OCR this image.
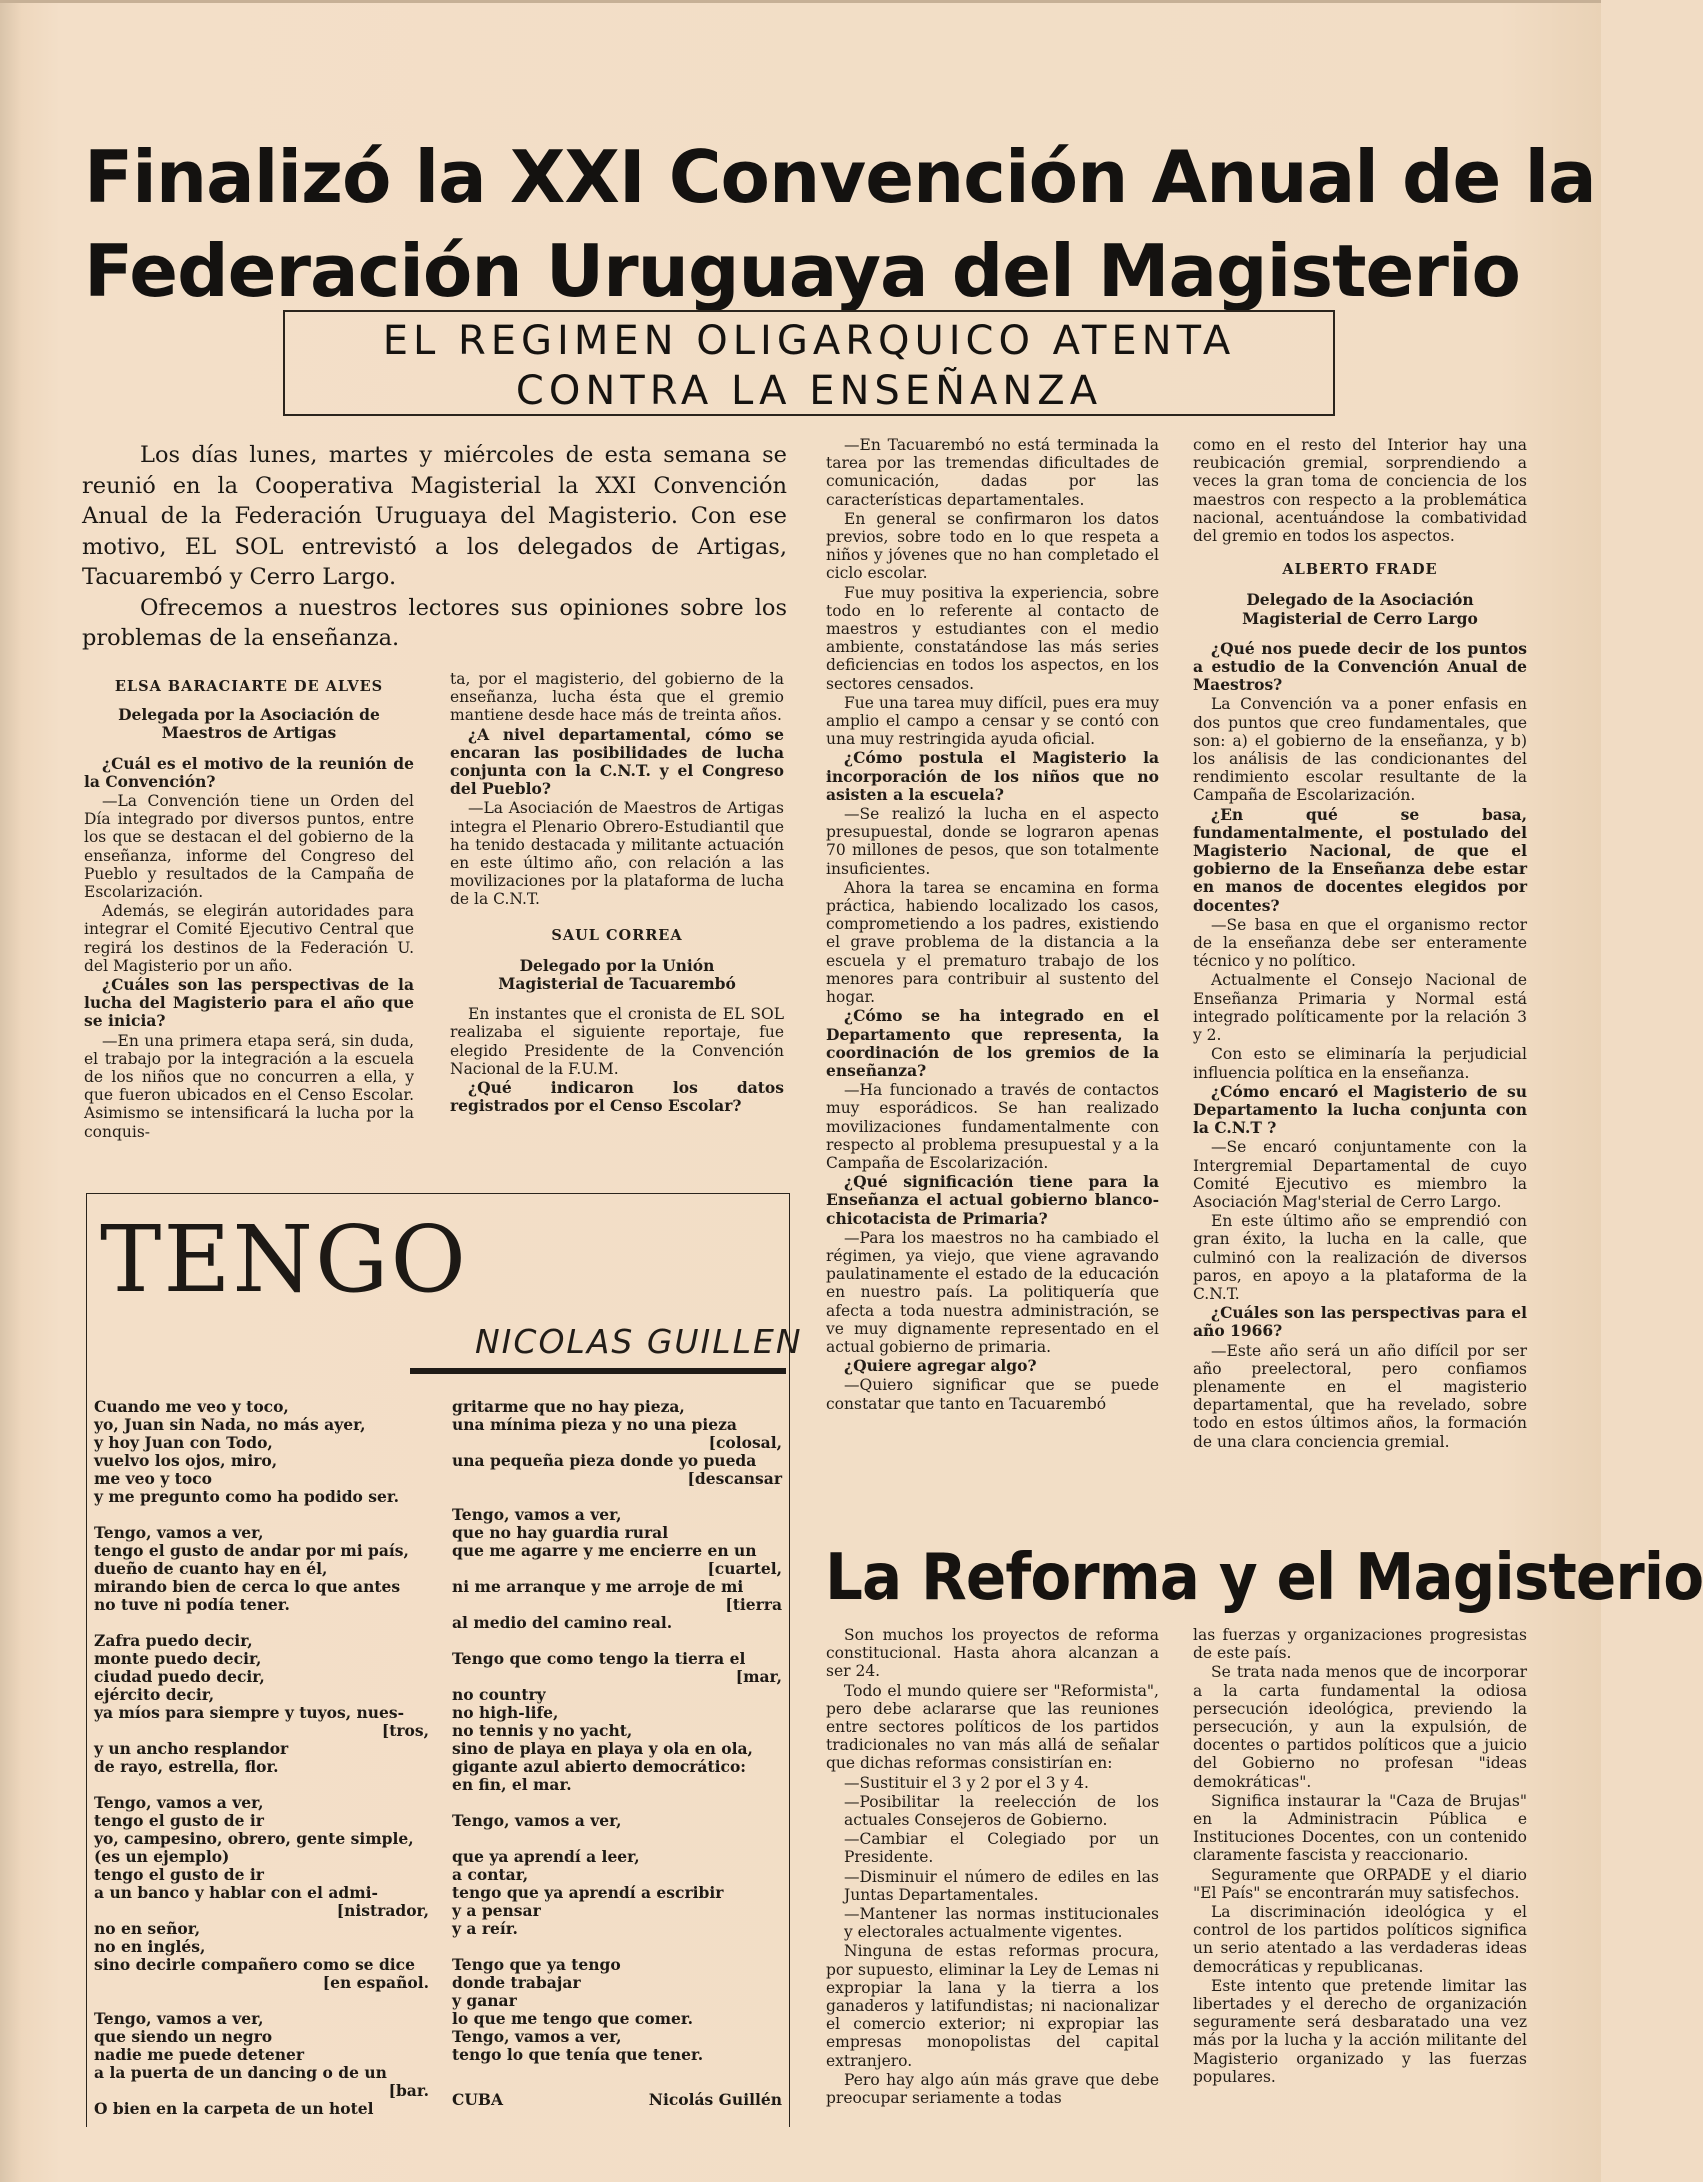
Finalizó la XXI Convención Anual de la
Federación Uruguaya del Magisterio
EL REGIMEN OLIGARQUICO ATENTA
CONTRA LA ENSEÑANZA

Los días lunes, martes y miércoles de esta semana se reunió en la Cooperativa Magisterial la XXI Convención Anual de la Federación Uruguaya del Magisterio. Con ese motivo, EL SOL entrevistó a los delegados de Artigas, Tacuarembó y Cerro Largo.

Ofrecemos a nuestros lectores sus opiniones sobre los problemas de la enseñanza.

ELSA BARACIARTE DE ALVES
Delegada por la Asociación de Maestros de Artigas

¿Cuál es el motivo de la reunión de la Convención?

—La Convención tiene un Orden del Día integrado por diversos puntos, entre los que se destacan el del gobierno de la enseñanza, informe del Congreso del Pueblo y resultados de la Campaña de Escolarización.

Además, se elegirán autoridades para integrar el Comité Ejecutivo Central que regirá los destinos de la Federación U. del Magisterio por un año.

¿Cuáles son las perspectivas de la lucha del Magisterio para el año que se inicia?

—En una primera etapa será, sin duda, el trabajo por la integración a la escuela de los niños que no concurren a ella, y que fueron ubicados en el Censo Escolar. Asimismo se intensificará la lucha por la conquis-

ta, por el magisterio, del gobierno de la enseñanza, lucha ésta que el gremio mantiene desde hace más de treinta años.

¿A nivel departamental, cómo se encaran las posibilidades de lucha conjunta con la C.N.T. y el Congreso del Pueblo?

—La Asociación de Maestros de Artigas integra el Plenario Obrero-Estudiantil que ha tenido destacada y militante actuación en este último año, con relación a las movilizaciones por la plataforma de lucha de la C.N.T.

SAUL CORREA
Delegado por la Unión Magisterial de Tacuarembó

En instantes que el cronista de EL SOL realizaba el siguiente reportaje, fue elegido Presidente de la Convención Nacional de la F.U.M.

¿Qué indicaron los datos registrados por el Censo Escolar?

—En Tacuarembó no está terminada la tarea por las tremendas dificultades de comunicación, dadas por las características departamentales.

En general se confirmaron los datos previos, sobre todo en lo que respeta a niños y jóvenes que no han completado el ciclo escolar.

Fue muy positiva la experiencia, sobre todo en lo referente al contacto de maestros y estudiantes con el medio ambiente, constatándose las más series deficiencias en todos los aspectos, en los sectores censados.

Fue una tarea muy difícil, pues era muy amplio el campo a censar y se contó con una muy restringida ayuda oficial.

¿Cómo postula el Magisterio la incorporación de los niños que no asisten a la escuela?

—Se realizó la lucha en el aspecto presupuestal, donde se lograron apenas 70 millones de pesos, que son totalmente insuficientes.

Ahora la tarea se encamina en forma práctica, habiendo localizado los casos, comprometiendo a los padres, existiendo el grave problema de la distancia a la escuela y el prematuro trabajo de los menores para contribuir al sustento del hogar.

¿Cómo se ha integrado en el Departamento que representa, la coordinación de los gremios de la enseñanza?

—Ha funcionado a través de contactos muy esporádicos. Se han realizado movilizaciones fundamentalmente con respecto al problema presupuestal y a la Campaña de Escolarización.

¿Qué significación tiene para la Enseñanza el actual gobierno blanco-chicotacista de Primaria?

—Para los maestros no ha cambiado el régimen, ya viejo, que viene agravando paulatinamente el estado de la educación en nuestro país. La politiquería que afecta a toda nuestra administración, se ve muy dignamente representado en el actual gobierno de primaria.

¿Quiere agregar algo?

—Quiero significar que se puede constatar que tanto en Tacuarembó

como en el resto del Interior hay una reubicación gremial, sorprendiendo a veces la gran toma de conciencia de los maestros con respecto a la problemática nacional, acentuándose la combatividad del gremio en todos los aspectos.

ALBERTO FRADE
Delegado de la Asociación Magisterial de Cerro Largo

¿Qué nos puede decir de los puntos a estudio de la Convención Anual de Maestros?

La Convención va a poner enfasis en dos puntos que creo fundamentales, que son: a) el gobierno de la enseñanza, y b) los análisis de las condicionantes del rendimiento escolar resultante de la Campaña de Escolarización.

¿En qué se basa, fundamentalmente, el postulado del Magisterio Nacional, de que el gobierno de la Enseñanza debe estar en manos de docentes elegidos por docentes?

—Se basa en que el organismo rector de la enseñanza debe ser enteramente técnico y no político.

Actualmente el Consejo Nacional de Enseñanza Primaria y Normal está integrado políticamente por la relación 3 y 2.

Con esto se eliminaría la perjudicial influencia política en la enseñanza.

¿Cómo encaró el Magisterio de su Departamento la lucha conjunta con la C.N.T ?

—Se encaró conjuntamente con la Intergremial Departamental de cuyo Comité Ejecutivo es miembro la Asociación Mag'sterial de Cerro Largo.

En este último año se emprendió con gran éxito, la lucha en la calle, que culminó con la realización de diversos paros, en apoyo a la plataforma de la C.N.T.

¿Cuáles son las perspectivas para el año 1966?

—Este año será un año difícil por ser año preelectoral, pero confiamos plenamente en el magisterio departamental, que ha revelado, sobre todo en estos últimos años, la formación de una clara conciencia gremial.

TENGO
NICOLAS GUILLEN
Cuando me veo y toco,
yo, Juan sin Nada, no más ayer,
y hoy Juan con Todo,
vuelvo los ojos, miro,
me veo y toco
y me pregunto como ha podido ser.
Tengo, vamos a ver,
tengo el gusto de andar por mi país,
dueño de cuanto hay en él,
mirando bien de cerca lo que antes
no tuve ni podía tener.
Zafra puedo decir,
monte puedo decir,
ciudad puedo decir,
ejército decir,
ya míos para siempre y tuyos, nues-
[tros,
y un ancho resplandor
de rayo, estrella, flor.
Tengo, vamos a ver,
tengo el gusto de ir
yo, campesino, obrero, gente simple,
(es un ejemplo)
tengo el gusto de ir
a un banco y hablar con el admi-
[nistrador,
no en señor,
no en inglés,
sino decirle compañero como se dice
[en español.
Tengo, vamos a ver,
que siendo un negro
nadie me puede detener
a la puerta de un dancing o de un
[bar.
O bien en la carpeta de un hotel
gritarme que no hay pieza,
una mínima pieza y no una pieza
[colosal,
una pequeña pieza donde yo pueda
[descansar
Tengo, vamos a ver,
que no hay guardia rural
que me agarre y me encierre en un
[cuartel,
ni me arranque y me arroje de mi
[tierra
al medio del camino real.
Tengo que como tengo la tierra el
[mar,
no country
no high-life,
no tennis y no yacht,
sino de playa en playa y ola en ola,
gigante azul abierto democrático:
en fin, el mar.
Tengo, vamos a ver,
que ya aprendí a leer,
a contar,
tengo que ya aprendí a escribir
y a pensar
y a reír.
Tengo que ya tengo
donde trabajar
y ganar
lo que me tengo que comer.
Tengo, vamos a ver,
tengo lo que tenía que tener.
CUBA	Nicolás Guillén
La Reforma y el Magisterio

Son muchos los proyectos de reforma constitucional. Hasta ahora alcanzan a ser 24.

Todo el mundo quiere ser "Reformista", pero debe aclararse que las reuniones entre sectores políticos de los partidos tradicionales no van más allá de señalar que dichas reformas consistirían en:

—Sustituir el 3 y 2 por el 3 y 4.

—Posibilitar la reelección de los actuales Consejeros de Gobierno.

—Cambiar el Colegiado por un Presidente.

—Disminuir el número de ediles en las Juntas Departamentales.

—Mantener las normas institucionales y electorales actualmente vigentes.

Ninguna de estas reformas procura, por supuesto, eliminar la Ley de Lemas ni expropiar la lana y la tierra a los ganaderos y latifundistas; ni nacionalizar el comercio exterior; ni expropiar las empresas monopolistas del capital extranjero.

Pero hay algo aún más grave que debe preocupar seriamente a todas

las fuerzas y organizaciones progresistas de este país.

Se trata nada menos que de incorporar a la carta fundamental la odiosa persecución ideológica, previendo la persecución, y aun la expulsión, de docentes o partidos políticos que a juicio del Gobierno no profesan "ideas demokráticas".

Significa instaurar la "Caza de Brujas" en la Administracin Pública e Instituciones Docentes, con un contenido claramente fascista y reaccionario.

Seguramente que ORPADE y el diario "El País" se encontrarán muy satisfechos.

La discriminación ideológica y el control de los partidos políticos significa un serio atentado a las verdaderas ideas democráticas y republicanas.

Este intento que pretende limitar las libertades y el derecho de organización seguramente será desbaratado una vez más por la lucha y la acción militante del Magisterio organizado y las fuerzas populares.
